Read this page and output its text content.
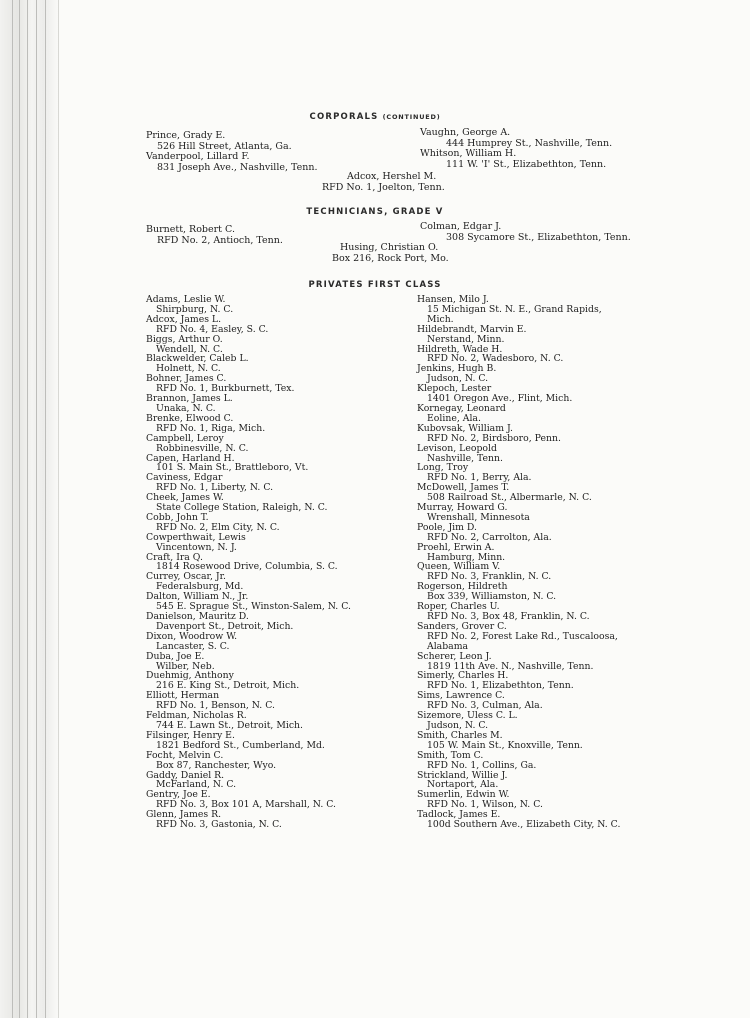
CORPORALS (CONTINUED)
Prince, Grady E.
526 Hill Street, Atlanta, Ga.
Vanderpool, Lillard F.
831 Joseph Ave., Nashville, Tenn.
Vaughn, George A.
444 Humprey St., Nashville, Tenn.
Whitson, William H.
111 W. 'I' St., Elizabethton, Tenn.
Adcox, Hershel M.
RFD No. 1, Joelton, Tenn.
TECHNICIANS, GRADE V
Burnett, Robert C.
RFD No. 2, Antioch, Tenn.
Colman, Edgar J.
308 Sycamore St., Elizabethton, Tenn.
Husing, Christian O.
Box 216, Rock Port, Mo.
PRIVATES FIRST CLASS
Adams, Leslie W.
Shirpburg, N. C.
Adcox, James L.
RFD No. 4, Easley, S. C.
Biggs, Arthur O.
Wendell, N. C.
Blackwelder, Caleb L.
Holnett, N. C.
Bohner, James C.
RFD No. 1, Burkburnett, Tex.
Brannon, James L.
Unaka, N. C.
Brenke, Elwood C.
RFD No. 1, Riga, Mich.
Campbell, Leroy
Robbinesville, N. C.
Capen, Harland H.
101 S. Main St., Brattleboro, Vt.
Caviness, Edgar
RFD No. 1, Liberty, N. C.
Cheek, James W.
State College Station, Raleigh, N. C.
Cobb, John T.
RFD No. 2, Elm City, N. C.
Cowperthwait, Lewis
Vincentown, N. J.
Craft, Ira Q.
1814 Rosewood Drive, Columbia, S. C.
Currey, Oscar, Jr.
Federalsburg, Md.
Dalton, William N., Jr.
545 E. Sprague St., Winston-Salem, N. C.
Danielson, Mauritz D.
Davenport St., Detroit, Mich.
Dixon, Woodrow W.
Lancaster, S. C.
Duba, Joe E.
Wilber, Neb.
Duehmig, Anthony
216 E. King St., Detroit, Mich.
Elliott, Herman
RFD No. 1, Benson, N. C.
Feldman, Nicholas R.
744 E. Lawn St., Detroit, Mich.
Filsinger, Henry E.
1821 Bedford St., Cumberland, Md.
Focht, Melvin C.
Box 87, Ranchester, Wyo.
Gaddy, Daniel R.
McFarland, N. C.
Gentry, Joe E.
RFD No. 3, Box 101 A, Marshall, N. C.
Glenn, James R.
RFD No. 3, Gastonia, N. C.
Hansen, Milo J.
15 Michigan St. N. E., Grand Rapids,
Mich.
Hildebrandt, Marvin E.
Nerstand, Minn.
Hildreth, Wade H.
RFD No. 2, Wadesboro, N. C.
Jenkins, Hugh B.
Judson, N. C.
Klepoch, Lester
1401 Oregon Ave., Flint, Mich.
Kornegay, Leonard
Eoline, Ala.
Kubovsak, William J.
RFD No. 2, Birdsboro, Penn.
Levison, Leopold
Nashville, Tenn.
Long, Troy
RFD No. 1, Berry, Ala.
McDowell, James T.
508 Railroad St., Albermarle, N. C.
Murray, Howard G.
Wrenshall, Minnesota
Poole, Jim D.
RFD No. 2, Carrolton, Ala.
Proehl, Erwin A.
Hamburg, Minn.
Queen, William V.
RFD No. 3, Franklin, N. C.
Rogerson, Hildreth
Box 339, Williamston, N. C.
Roper, Charles U.
RFD No. 3, Box 48, Franklin, N. C.
Sanders, Grover C.
RFD No. 2, Forest Lake Rd., Tuscaloosa,
Alabama
Scherer, Leon J.
1819 11th Ave. N., Nashville, Tenn.
Simerly, Charles H.
RFD No. 1, Elizabethton, Tenn.
Sims, Lawrence C.
RFD No. 3, Culman, Ala.
Sizemore, Uless C. L.
Judson, N. C.
Smith, Charles M.
105 W. Main St., Knoxville, Tenn.
Smith, Tom C.
RFD No. 1, Collins, Ga.
Strickland, Willie J.
Nortaport, Ala.
Sumerlin, Edwin W.
RFD No. 1, Wilson, N. C.
Tadlock, James E.
100d Southern Ave., Elizabeth City, N. C.
